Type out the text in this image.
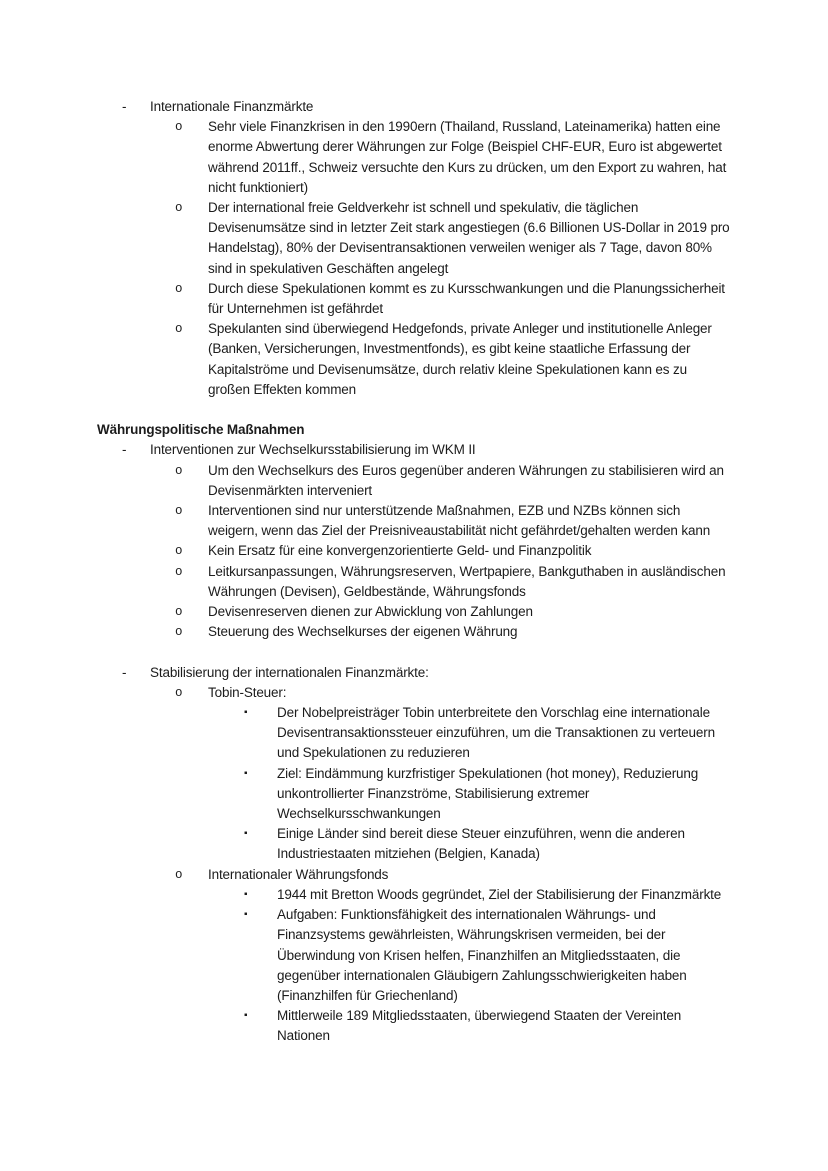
- Internationale Finanzmärkte
o Sehr viele Finanzkrisen in den 1990ern (Thailand, Russland, Lateinamerika) hatten eine enorme Abwertung derer Währungen zur Folge (Beispiel CHF-EUR, Euro ist abgewertet während 2011ff., Schweiz versuchte den Kurs zu drücken, um den Export zu wahren, hat nicht funktioniert)
o Der international freie Geldverkehr ist schnell und spekulativ, die täglichen Devisenumsätze sind in letzter Zeit stark angestiegen (6.6 Billionen US-Dollar in 2019 pro Handelstag), 80% der Devisentransaktionen verweilen weniger als 7 Tage, davon 80% sind in spekulativen Geschäften angelegt
o Durch diese Spekulationen kommt es zu Kursschwankungen und die Planungssicherheit für Unternehmen ist gefährdet
o Spekulanten sind überwiegend Hedgefonds, private Anleger und institutionelle Anleger (Banken, Versicherungen, Investmentfonds), es gibt keine staatliche Erfassung der Kapitalströme und Devisenumsätze, durch relativ kleine Spekulationen kann es zu großen Effekten kommen
Währungspolitische Maßnahmen
- Interventionen zur Wechselkursstabilisierung im WKM II
o Um den Wechselkurs des Euros gegenüber anderen Währungen zu stabilisieren wird an Devisenmärkten interveniert
o Interventionen sind nur unterstützende Maßnahmen, EZB und NZBs können sich weigern, wenn das Ziel der Preisniveaustabilität nicht gefährdet/gehalten werden kann
o Kein Ersatz für eine konvergenzorientierte Geld- und Finanzpolitik
o Leitkursanpassungen, Währungsreserven, Wertpapiere, Bankguthaben in ausländischen Währungen (Devisen), Geldbestände, Währungsfonds
o Devisenreserven dienen zur Abwicklung von Zahlungen
o Steuerung des Wechselkurses der eigenen Währung
- Stabilisierung der internationalen Finanzmärkte:
o Tobin-Steuer:
▪ Der Nobelpreisträger Tobin unterbreitete den Vorschlag eine internationale Devisentransaktionssteuer einzuführen, um die Transaktionen zu verteuern und Spekulationen zu reduzieren
▪ Ziel: Eindämmung kurzfristiger Spekulationen (hot money), Reduzierung unkontrollierter Finanzströme, Stabilisierung extremer Wechselkursschwankungen
▪ Einige Länder sind bereit diese Steuer einzuführen, wenn die anderen Industriestaaten mitziehen (Belgien, Kanada)
o Internationaler Währungsfonds
▪ 1944 mit Bretton Woods gegründet, Ziel der Stabilisierung der Finanzmärkte
▪ Aufgaben: Funktionsfähigkeit des internationalen Währungs- und Finanzsystems gewährleisten, Währungskrisen vermeiden, bei der Überwindung von Krisen helfen, Finanzhilfen an Mitgliedsstaaten, die gegenüber internationalen Gläubigern Zahlungsschwierigkeiten haben (Finanzhilfen für Griechenland)
▪ Mittlerweile 189 Mitgliedsstaaten, überwiegend Staaten der Vereinten Nationen
